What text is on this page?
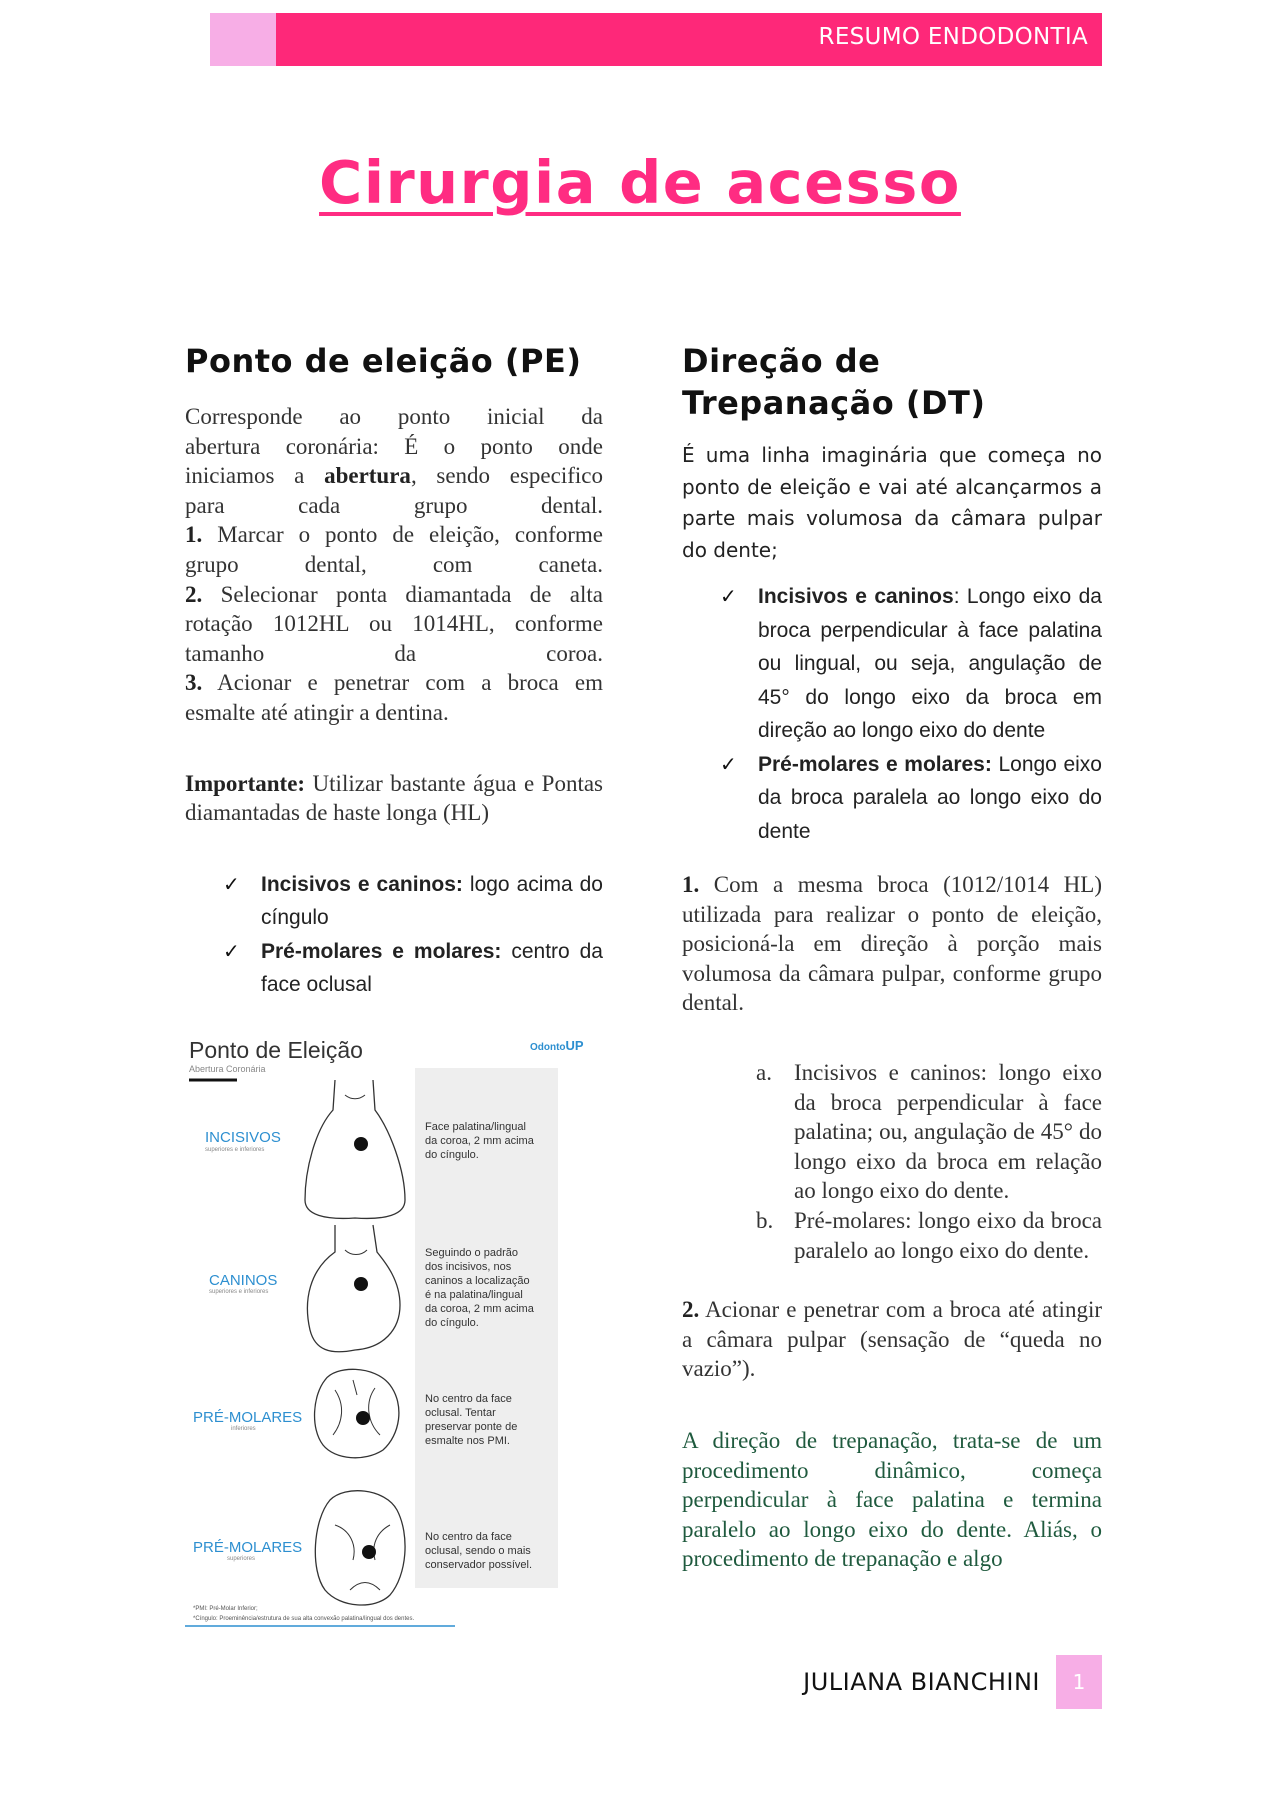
RESUMO ENDODONTIA
Cirurgia de acesso
Ponto de eleição (PE)
Corresponde ao ponto inicial da
abertura coronária: É o ponto onde
iniciamos a abertura, sendo especifico
para cada grupo dental.
1. Marcar o ponto de eleição, conforme
grupo dental, com caneta.
2. Selecionar ponta diamantada de alta
rotação 1012HL ou 1014HL, conforme
tamanho da coroa.
3. Acionar e penetrar com a broca em
esmalte até atingir a dentina.

Importante: Utilizar bastante água e Pontas diamantadas de haste longa (HL)

✓ Incisivos e caninos: logo acima do cíngulo
✓ Pré-molares e molares: centro da face oclusal
Ponto de Eleição
Abertura Coronária
OdontoUP
INCISIVOS
superiores e inferiores
Face palatina/lingual da coroa, 2 mm acima do cíngulo.
CANINOS
superiores e inferiores
Seguindo o padrão dos incisivos, nos caninos a localização é na palatina/lingual da coroa, 2 mm acima do cíngulo.
PRÉ-MOLARES
inferiores
No centro da face oclusal. Tentar preservar ponte de esmalte nos PMI.
PRÉ-MOLARES
superiores
No centro da face oclusal, sendo o mais conservador possível.
*PMI: Pré-Molar Inferior;
*Cíngulo: Proeminência/estrutura de sua alta convexão palatina/lingual dos dentes.
Direção de
Trepanação (DT)

É uma linha imaginária que começa no ponto de eleição e vai até alcançarmos a parte mais volumosa da câmara pulpar do dente;

✓ Incisivos e caninos: Longo eixo da broca perpendicular à face palatina ou lingual, ou seja, angulação de 45° do longo eixo da broca em direção ao longo eixo do dente
✓ Pré-molares e molares: Longo eixo da broca paralela ao longo eixo do dente

1. Com a mesma broca (1012/1014 HL) utilizada para realizar o ponto de eleição, posicioná-la em direção à porção mais volumosa da câmara pulpar, conforme grupo dental.

a. Incisivos e caninos: longo eixo da broca perpendicular à face palatina; ou, angulação de 45° do longo eixo da broca em relação ao longo eixo do dente.
b. Pré-molares: longo eixo da broca paralelo ao longo eixo do dente.

2. Acionar e penetrar com a broca até atingir a câmara pulpar (sensação de “queda no vazio”).

A direção de trepanação, trata-se de um procedimento dinâmico, começa perpendicular à face palatina e termina paralelo ao longo eixo do dente. Aliás, o procedimento de trepanação e algo

JULIANA BIANCHINI	1
